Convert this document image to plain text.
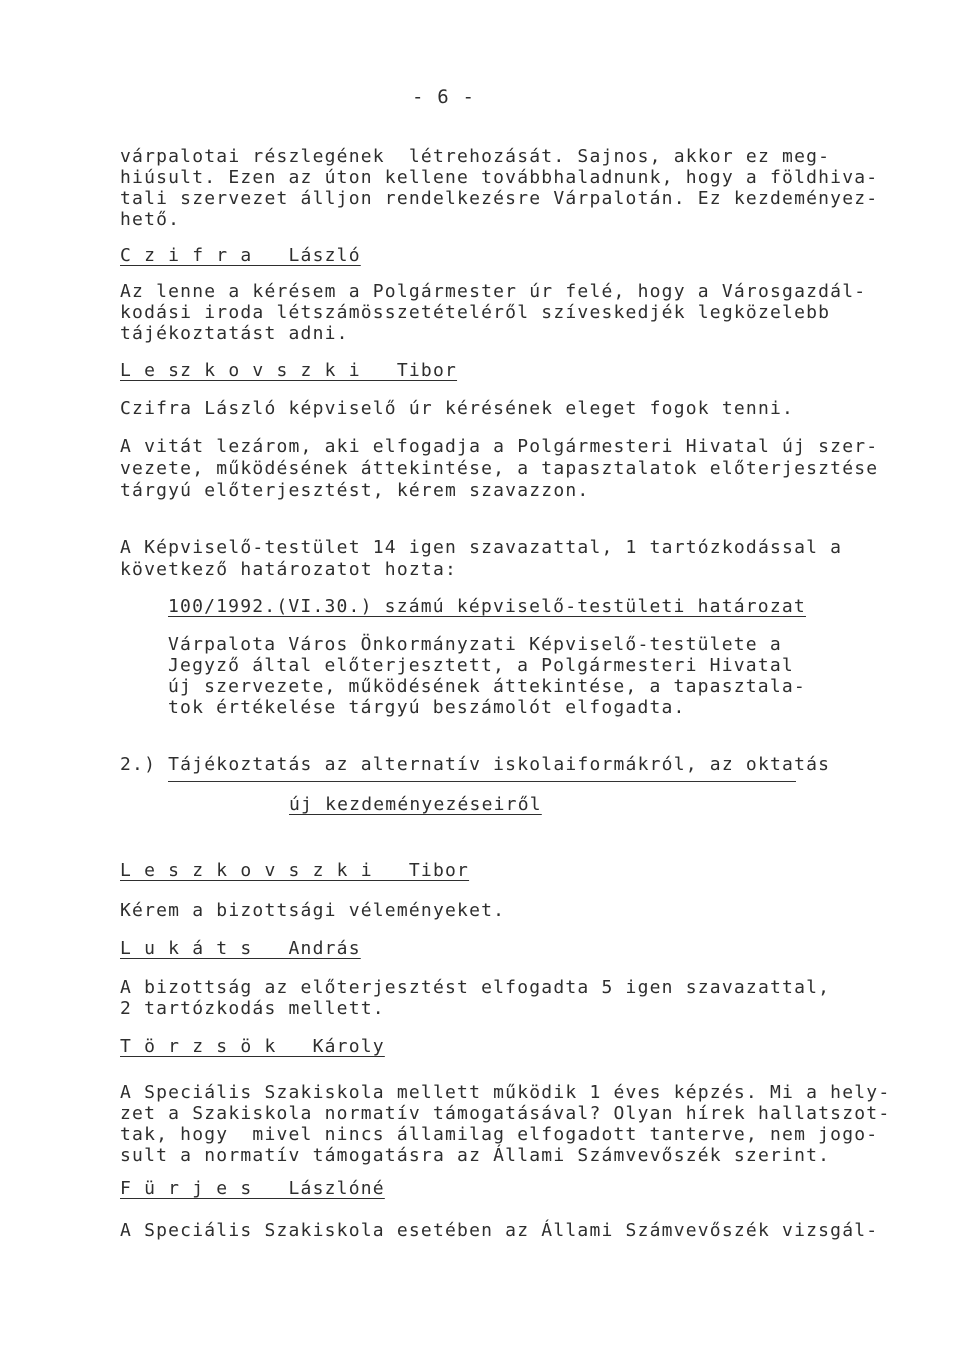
- 6 -
várpalotai részlegének  létrehozását. Sajnos, akkor ez meg-
hiúsult. Ezen az úton kellene továbbhaladnunk, hogy a földhiva-
tali szervezet álljon rendelkezésre Várpalotán. Ez kezdeményez-
hető.
C z i f r a   László
Az lenne a kérésem a Polgármester úr felé, hogy a Városgazdál-
kodási iroda létszámösszetételéről szíveskedjék legközelebb
tájékoztatást adni.
L e sz k o v s z k i   Tibor
Czifra László képviselő úr kérésének eleget fogok tenni.
A vitát lezárom, aki elfogadja a Polgármesteri Hivatal új szer-
vezete, működésének áttekintése, a tapasztalatok előterjesztése
tárgyú előterjesztést, kérem szavazzon.
A Képviselő-testület 14 igen szavazattal, 1 tartózkodással a
következő határozatot hozta:
100/1992.(VI.30.) számú képviselő-testületi határozat
Várpalota Város Önkormányzati Képviselő-testülete a
Jegyző által előterjesztett, a Polgármesteri Hivatal
új szervezete, működésének áttekintése, a tapasztala-
tok értékelése tárgyú beszámolót elfogadta.
2.) Tájékoztatás az alternatív iskolaiformákról, az oktatás
új kezdeményezéseiről
L e s z k o v s z k i   Tibor
Kérem a bizottsági véleményeket.
L u k á t s   András
A bizottság az előterjesztést elfogadta 5 igen szavazattal,
2 tartózkodás mellett.
T ö r z s ö k   Károly
A Speciális Szakiskola mellett működik 1 éves képzés. Mi a hely-
zet a Szakiskola normatív támogatásával? Olyan hírek hallatszot-
tak, hogy  mivel nincs államilag elfogadott tanterve, nem jogo-
sult a normatív támogatásra az Állami Számvevőszék szerint.
F ü r j e s   Lászlóné
A Speciális Szakiskola esetében az Állami Számvevőszék vizsgál-
